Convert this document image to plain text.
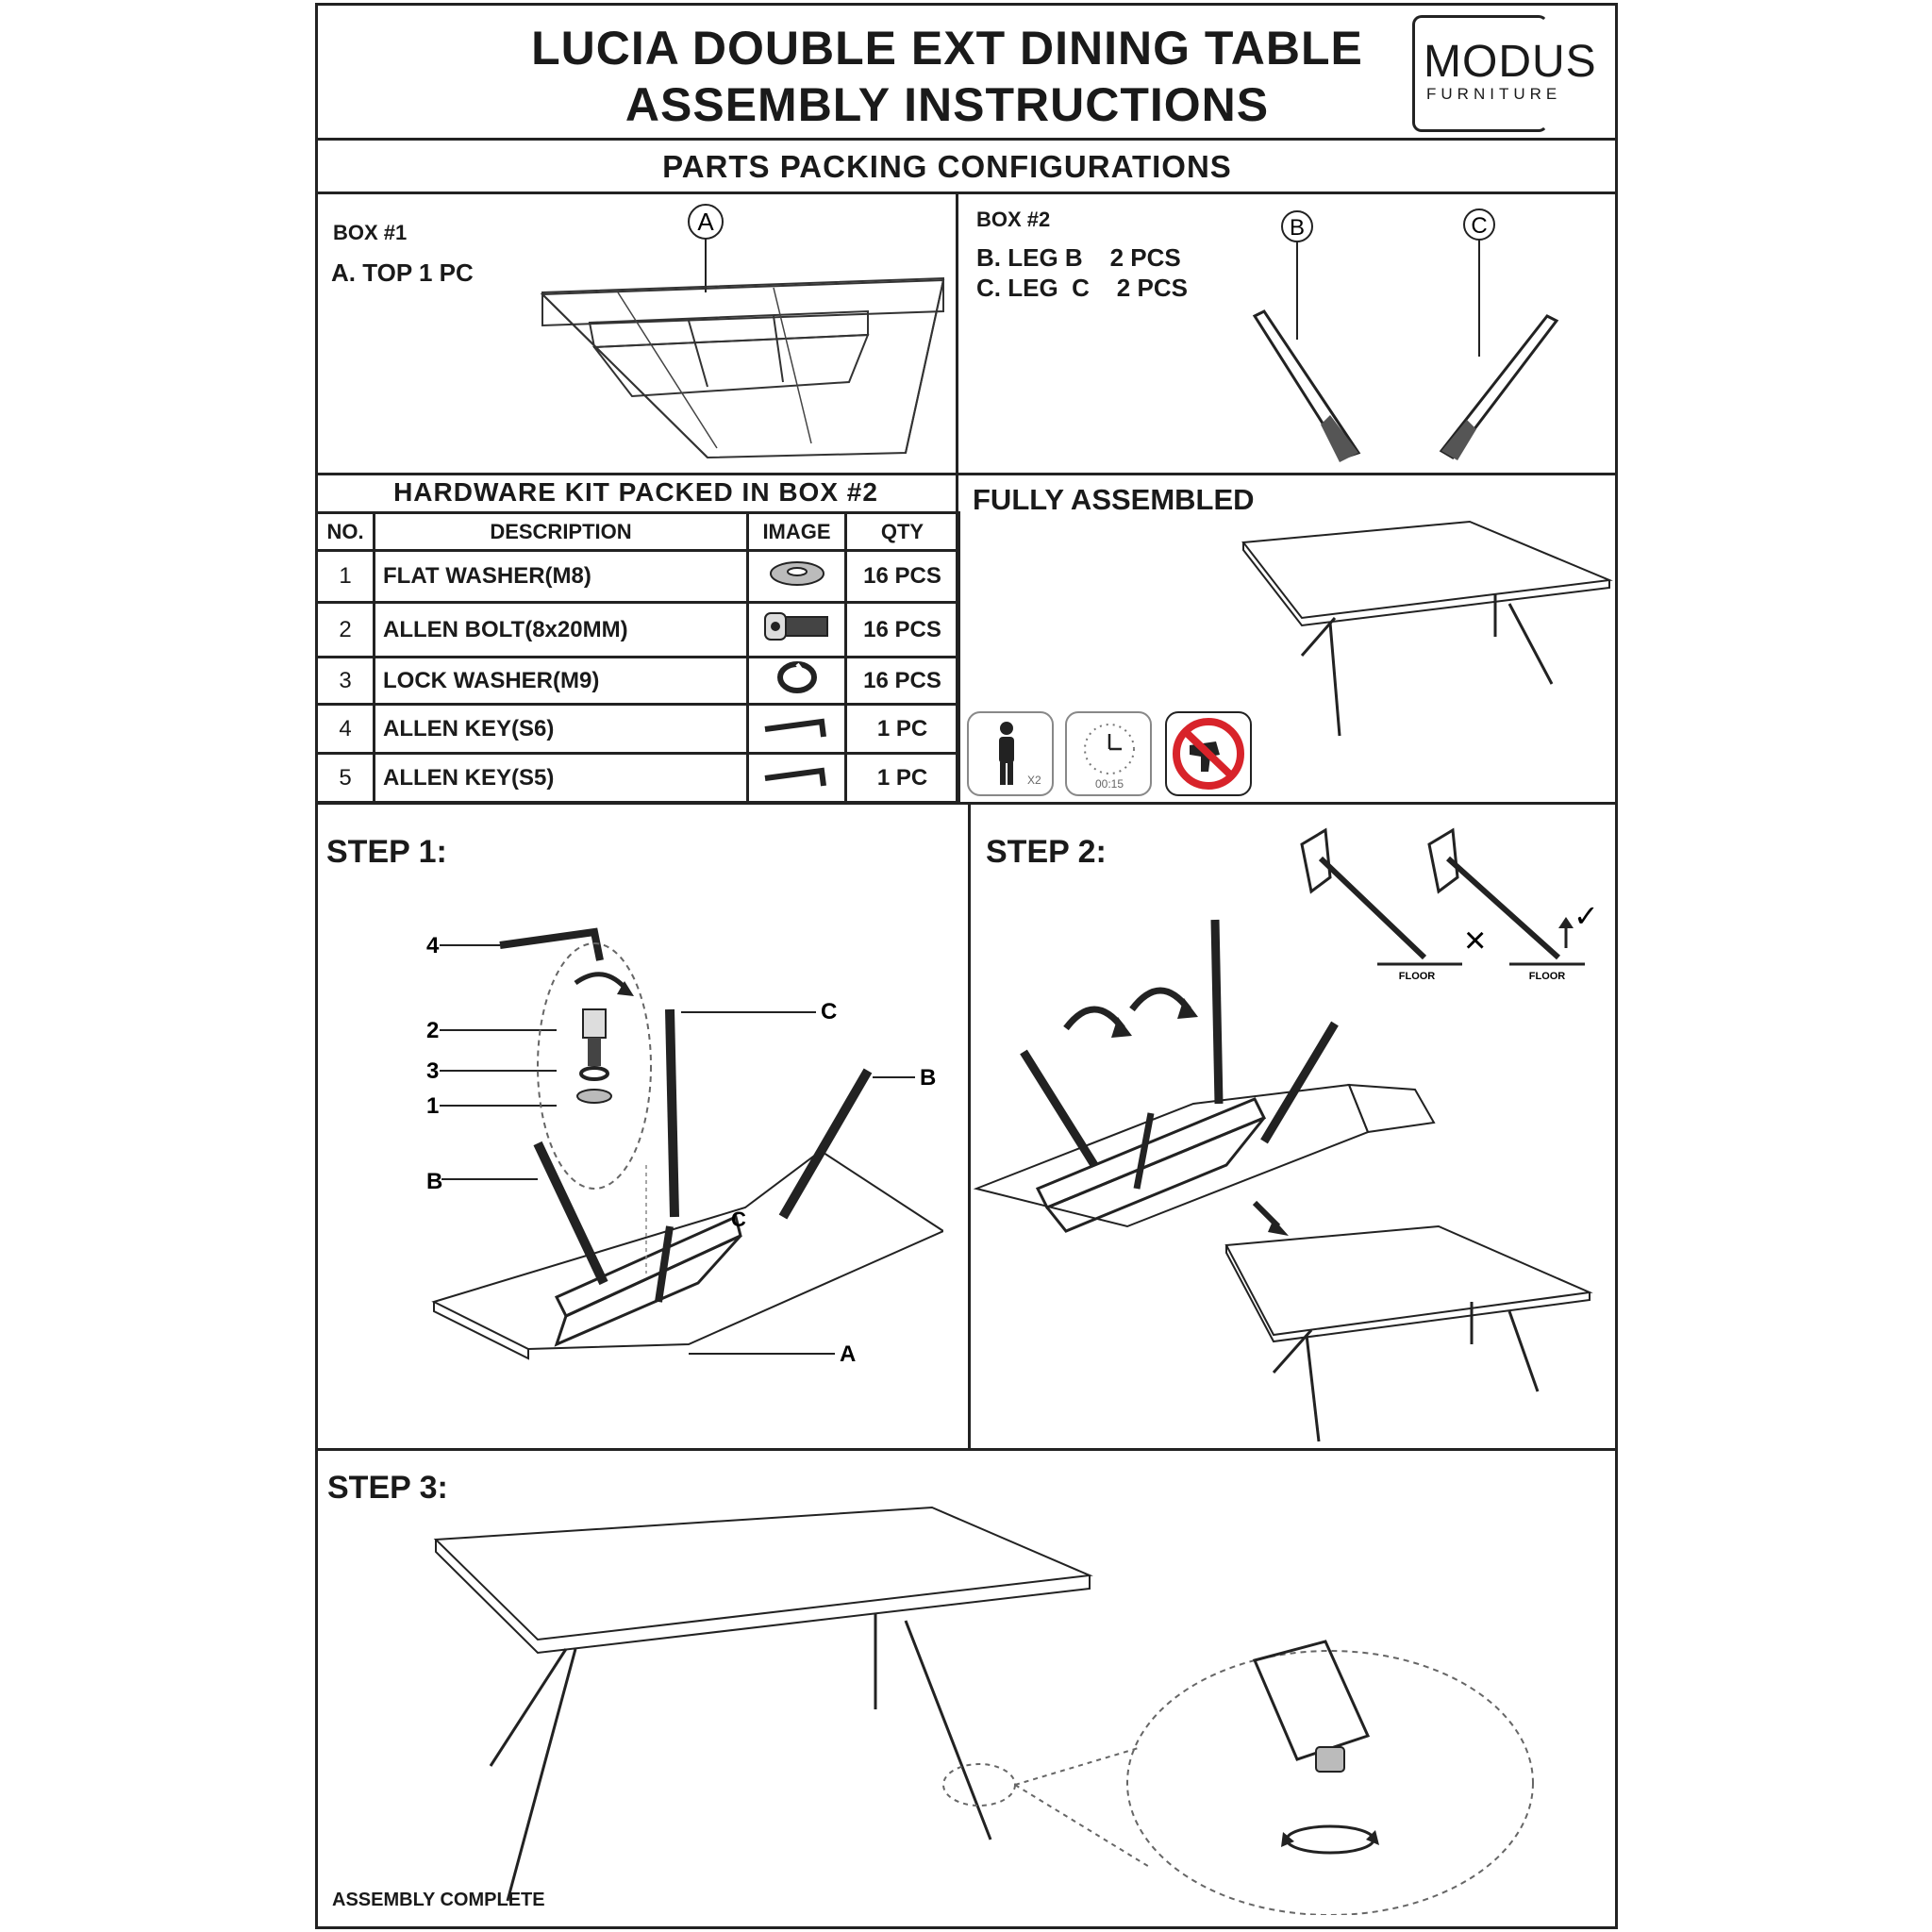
LUCIA DOUBLE EXT DINING TABLE
ASSEMBLY INSTRUCTIONS
MODUS
FURNITURE
PARTS PACKING CONFIGURATIONS
BOX #1
A. TOP 1 PC
A	BOX #2
B. LEG B    2 PCS
C. LEG  C    2 PCS
B	C
HARDWARE KIT PACKED IN BOX #2
NO.	DESCRIPTION	IMAGE	QTY
1	FLAT WASHER(M8)		16 PCS
2	ALLEN BOLT(8x20MM)		16 PCS
3	LOCK WASHER(M9)		16 PCS
4	ALLEN KEY(S6)		1 PC
5	ALLEN KEY(S5)		1 PC
FULLY ASSEMBLED
X2	00:15
STEP 1:
4
2
3
1
B
C
B
C
A
STEP 2:
FLOOR
×
FLOOR
✓
STEP 3:
ASSEMBLY COMPLETE
